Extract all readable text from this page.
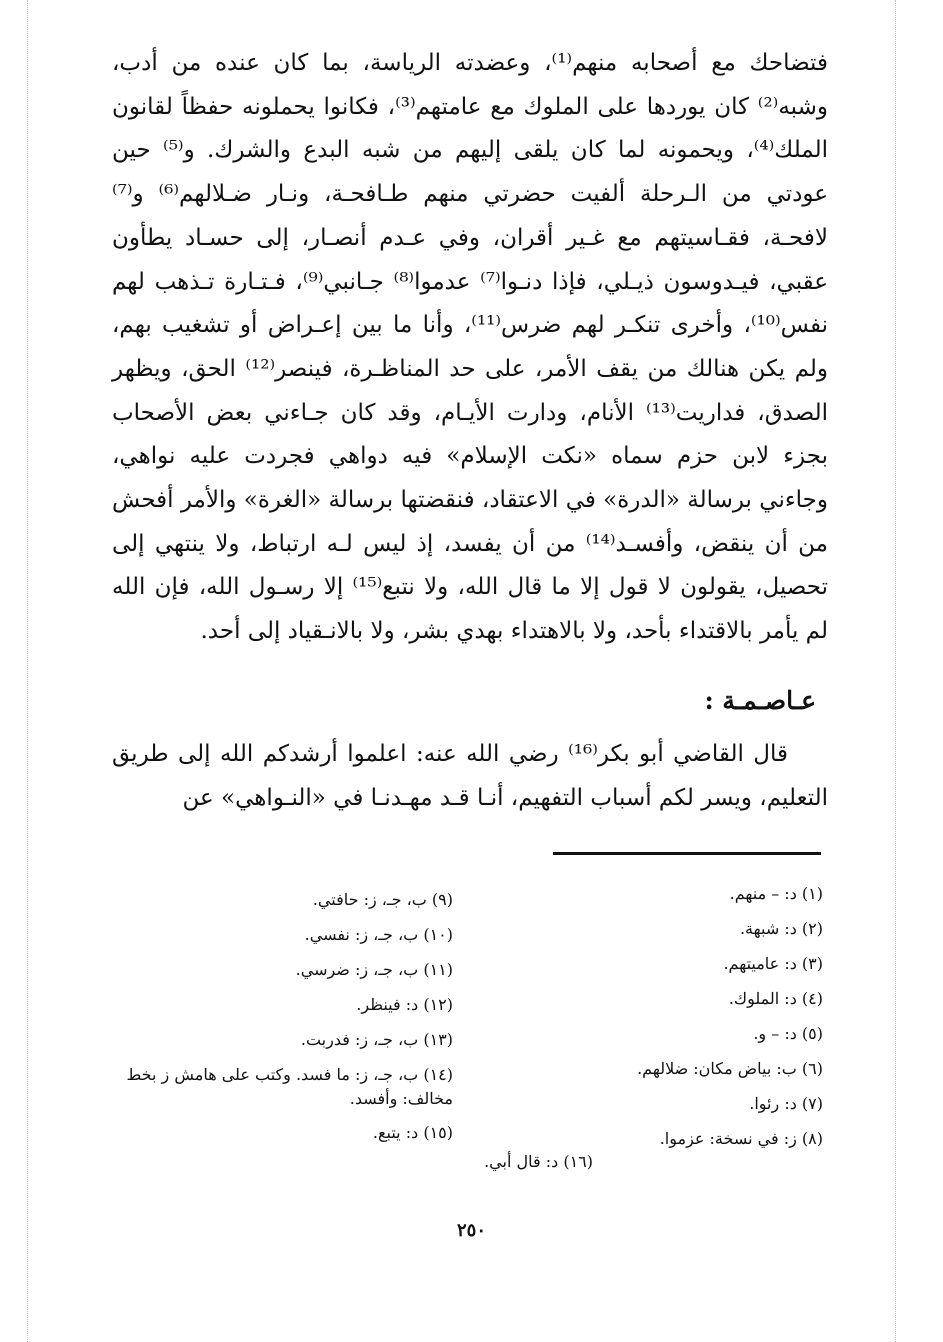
فتضاحك مع أصحابه منهم⁽¹⁾، وعضدته الرياسة، بما كان عنده من أدب، وشبه⁽²⁾ كان يوردها على الملوك مع عامتهم⁽³⁾، فكانوا يحملونه حفظاً لقانون الملك⁽⁴⁾، ويحمونه لما كان يلقى إليهم من شبه البدع والشرك. و⁽⁵⁾ حين عودتي من الـرحلة ألفيت حضرتي منهم طـافحـة، ونـار ضـلالهم⁽⁶⁾ و⁽⁷⁾ لافحـة، فقـاسيتهم مع غـير أقران، وفي عـدم أنصـار، إلى حسـاد يطأون عقبي، فيـدوسون ذيـلي، فإذا دنـوا⁽⁷⁾ عدموا⁽⁸⁾ جـانبي⁽⁹⁾، فـتـارة تـذهب لهم نفس⁽¹⁰⁾، وأخرى تنكـر لهم ضرس⁽¹¹⁾، وأنا ما بين إعـراض أو تشغيب بهم، ولم يكن هنالك من يقف الأمر، على حد المناظـرة، فينصر⁽¹²⁾ الحق، ويظهر الصدق، فداريت⁽¹³⁾ الأنام، ودارت الأيـام، وقد كان جـاءني بعض الأصحاب بجزء لابن حزم سماه «نكت الإسلام» فيه دواهي فجردت عليه نواهي، وجاءني برسالة «الدرة» في الاعتقاد، فنقضتها برسالة «الغرة» والأمر أفحش من أن ينقض، وأفسـد⁽¹⁴⁾ من أن يفسد، إذ ليس لـه ارتباط، ولا ينتهي إلى تحصيل، يقولون لا قول إلا ما قال الله، ولا نتبع⁽¹⁵⁾ إلا رسـول الله، فإن الله لم يأمر بالاقتداء بأحد، ولا بالاهتداء بهدي بشر، ولا بالانـقياد إلى أحد.

عـاصـمـة :
قال القاضي أبو بكر⁽¹⁶⁾ رضي الله عنه: اعلموا أرشدكم الله إلى طريق التعليم، ويسر لكم أسباب التفهيم، أنـا قـد مهـدنـا في «النـواهي» عن
(١) د: – منهم.
(٢) د: شبهة.
(٣) د: عاميتهم.
(٤) د: الملوك.
(٥) د: – و.
(٦) ب: بياض مكان: ضلالهم.
(٧) د: رئوا.
(٨) ز: في نسخة: عزموا.
(٩) ب، جـ، ز: حافتي.
(١٠) ب، جـ، ز: نفسي.
(١١) ب، جـ، ز: ضرسي.
(١٢) د: فينظر.
(١٣) ب، جـ، ز: فدربت.
(١٤) ب، جـ، ز: ما فسد. وكتب على هامش ز بخط مخالف: وأفسد.
(١٥) د: يتبع.
(١٦) د: قال أبي.
٢٥٠
